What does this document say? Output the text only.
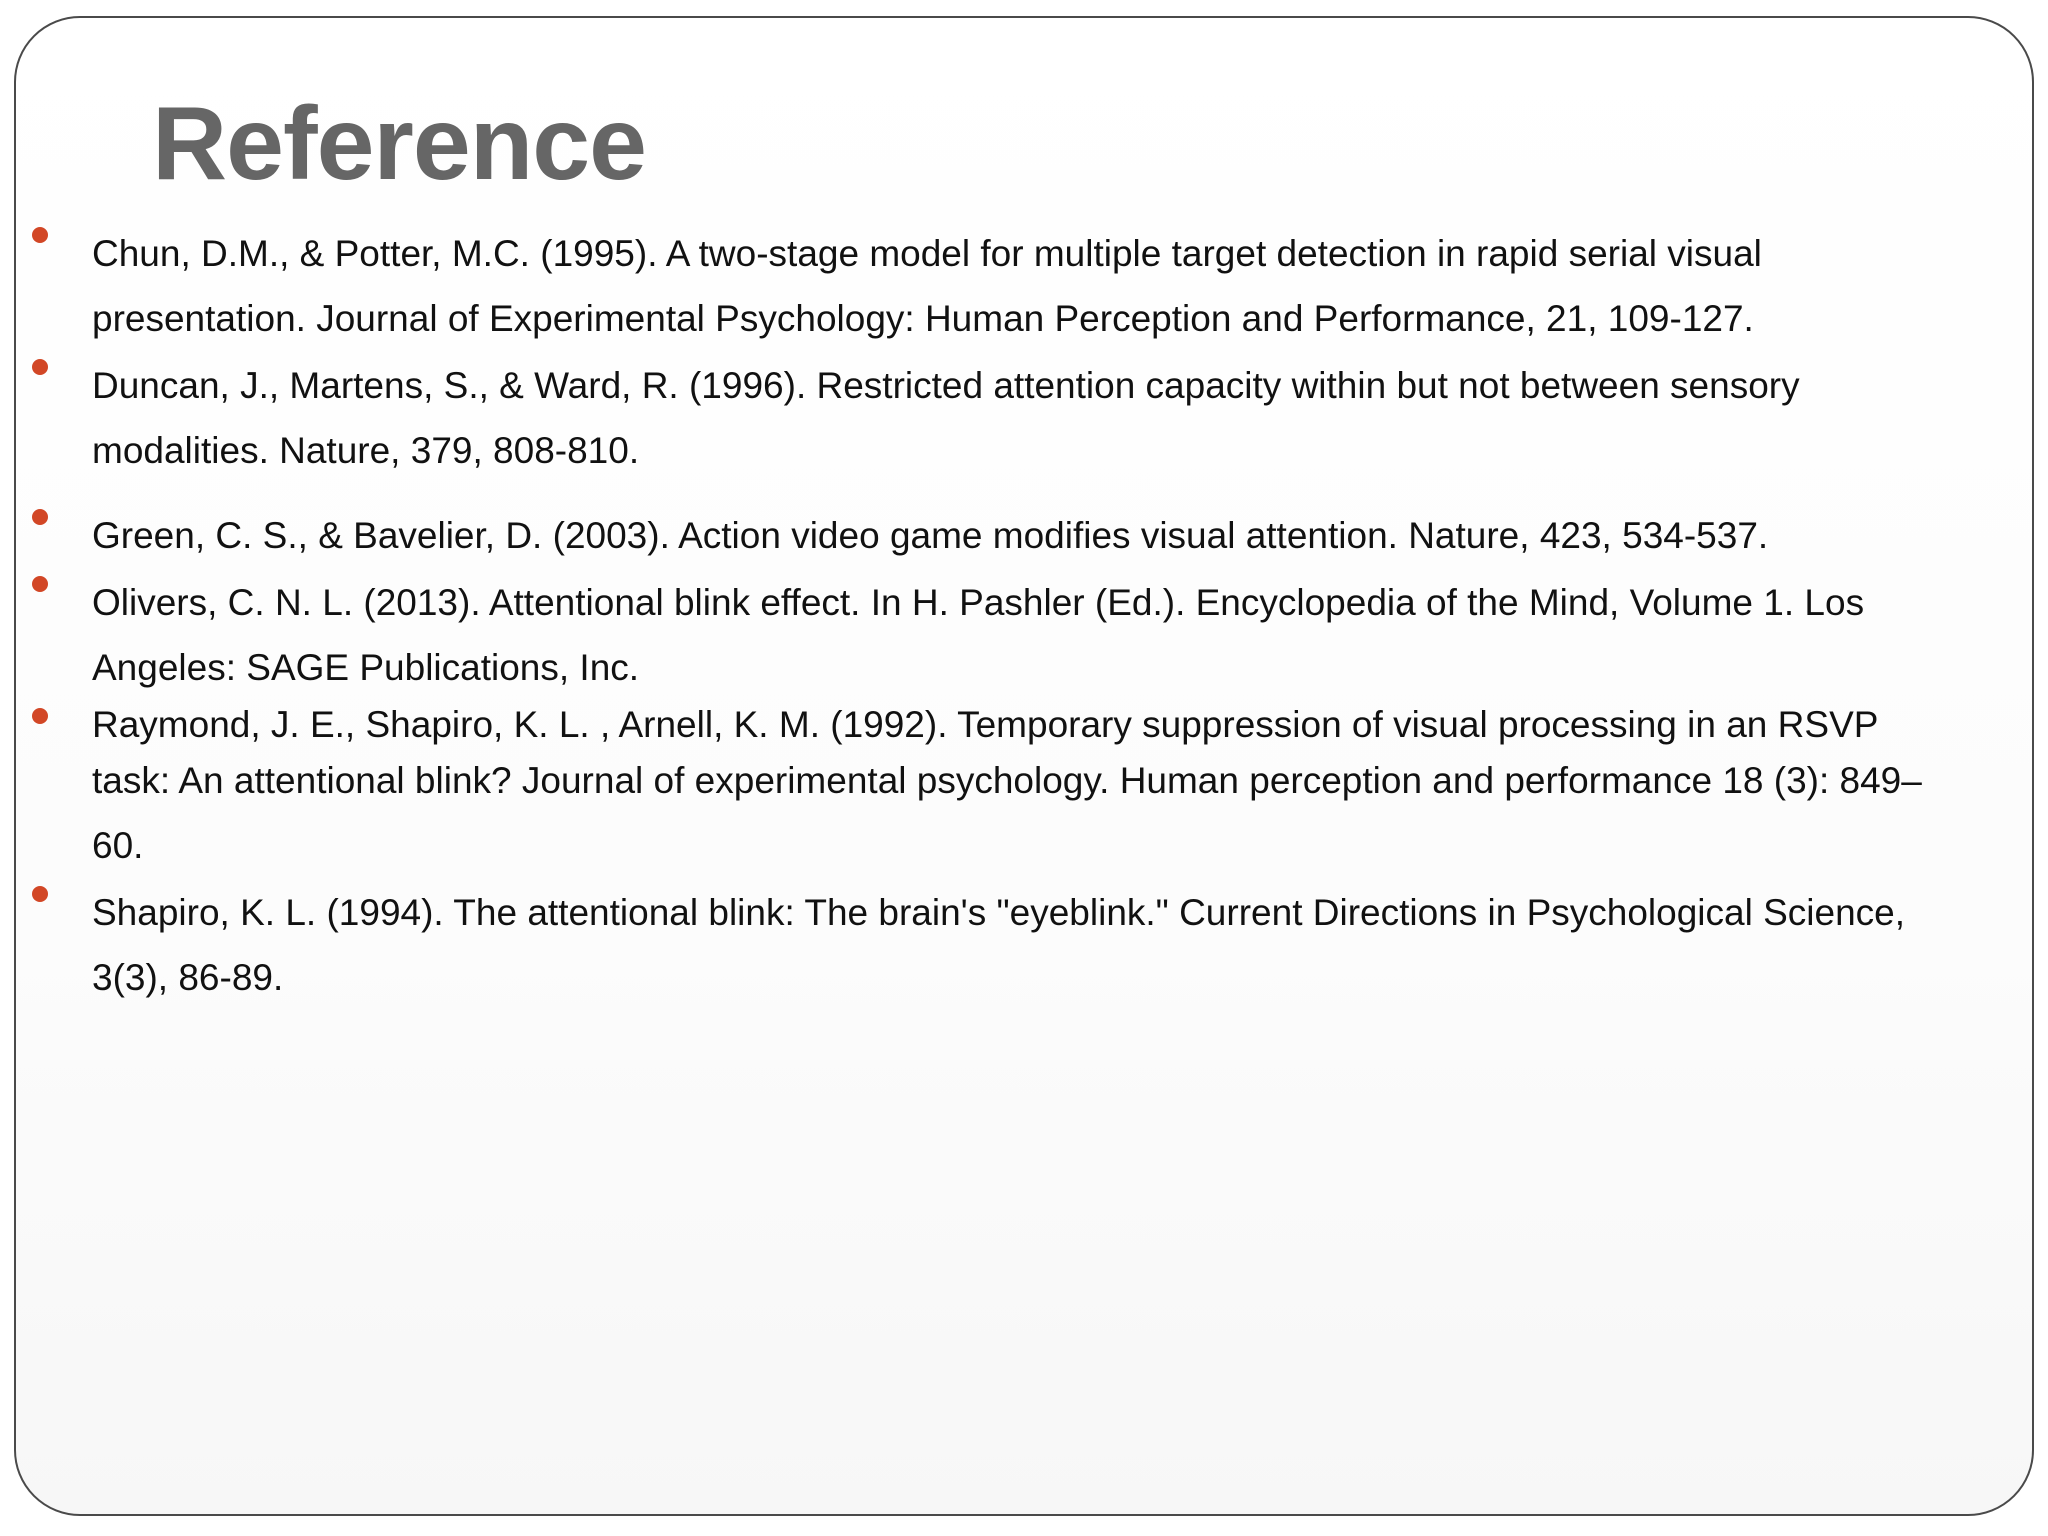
Reference
Chun, D.M., & Potter, M.C. (1995). A two-stage model for multiple target detection in rapid serial visual
presentation. Journal of Experimental Psychology: Human Perception and Performance, 21, 109-127.
Duncan, J., Martens, S., & Ward, R. (1996). Restricted attention capacity within but not between sensory
modalities. Nature, 379, 808-810.
Green, C. S., & Bavelier, D. (2003). Action video game modifies visual attention. Nature, 423, 534-537.
Olivers, C. N. L. (2013). Attentional blink effect. In H. Pashler (Ed.). Encyclopedia of the Mind, Volume 1. Los
Angeles: SAGE Publications, Inc.
Raymond, J. E., Shapiro, K. L. , Arnell, K. M. (1992). Temporary suppression of visual processing in an RSVP
task: An attentional blink? Journal of experimental psychology. Human perception and performance 18 (3): 849–
60.
Shapiro, K. L. (1994). The attentional blink: The brain's "eyeblink." Current Directions in Psychological Science,
3(3), 86-89.
